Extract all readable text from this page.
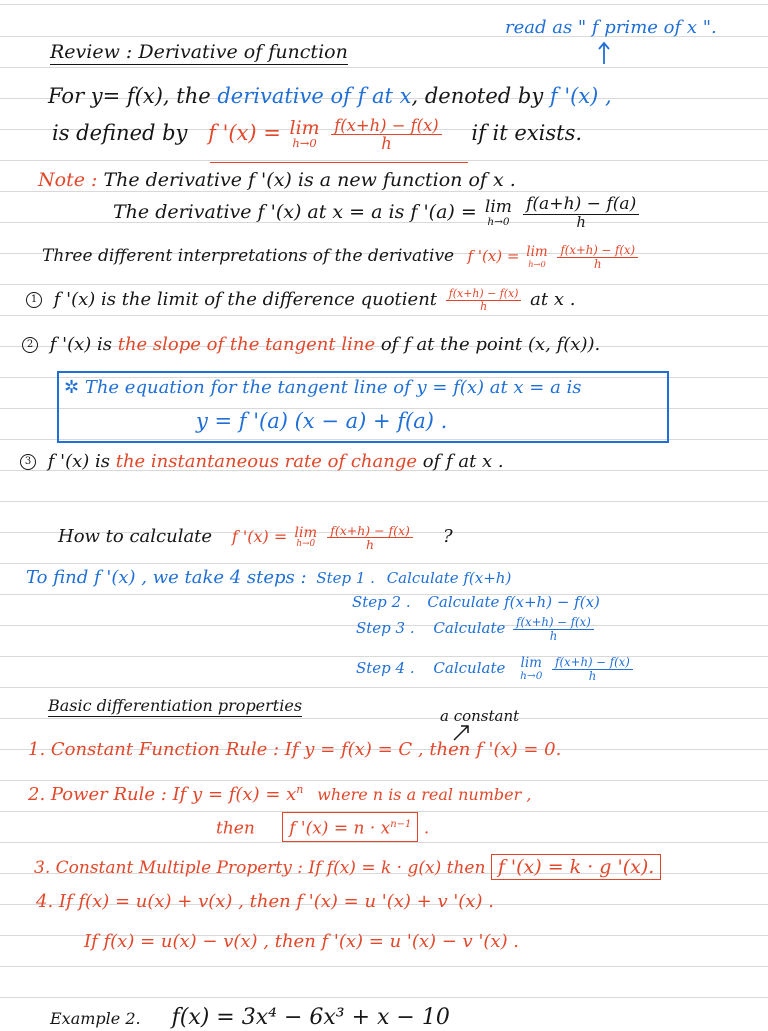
read as " f prime of x ".
Review : Derivative of function
For y= f(x), the derivative of f at x, denoted by f '(x) ,
is defined by f '(x) = lim
h→0
$\frac{f(x+h) - f(x)}{h}$ if it exists.
Note : The derivative f '(x) is a new function of x .
The derivative f '(x) at x = a is f '(a) = lim
h→0
$\frac{f(a+h) - f(a)}{h}$
Three different interpretations of the derivative f '(x) = lim
h→0
$\frac{f(x+h) - f(x)}{h}$
1 f '(x) is the limit of the difference quotient $\frac{f(x+h) - f(x)}{h}$ at x .
2 f '(x) is the slope of the tangent line of f at the point (x, f(x)).
✲ The equation for the tangent line of y = f(x) at x = a is
y = f '(a) (x − a) + f(a) .
3 f '(x) is the instantaneous rate of change of f at x .
How to calculate f '(x) = lim
h→0
$\frac{f(x+h) - f(x)}{h}$ ?
To find f '(x) , we take 4 steps : Step 1 . Calculate f(x+h)
Step 2 . Calculate f(x+h) − f(x)
Step 3 . Calculate $\frac{f(x+h) - f(x)}{h}$
Step 4 . Calculate lim
h→0
$\frac{f(x+h) - f(x)}{h}$
Basic differentiation properties
a constant
1. Constant Function Rule : If y = f(x) = C , then f '(x) = 0.
2. Power Rule : If $y = f(x) = x^n$ where n is a real number ,
then f '$(x) = n \cdot x^{n-1}$ .
3. Constant Multiple Property : If f(x) = k · g(x) then f '(x) = k · g '(x).
4. If f(x) = u(x) + v(x) , then f '(x) = u '(x) + v '(x) .
If f(x) = u(x) − v(x) , then f '(x) = u '(x) − v '(x) .
Example 2. f(x) = 3x⁴ − 6x³ + x − 10
